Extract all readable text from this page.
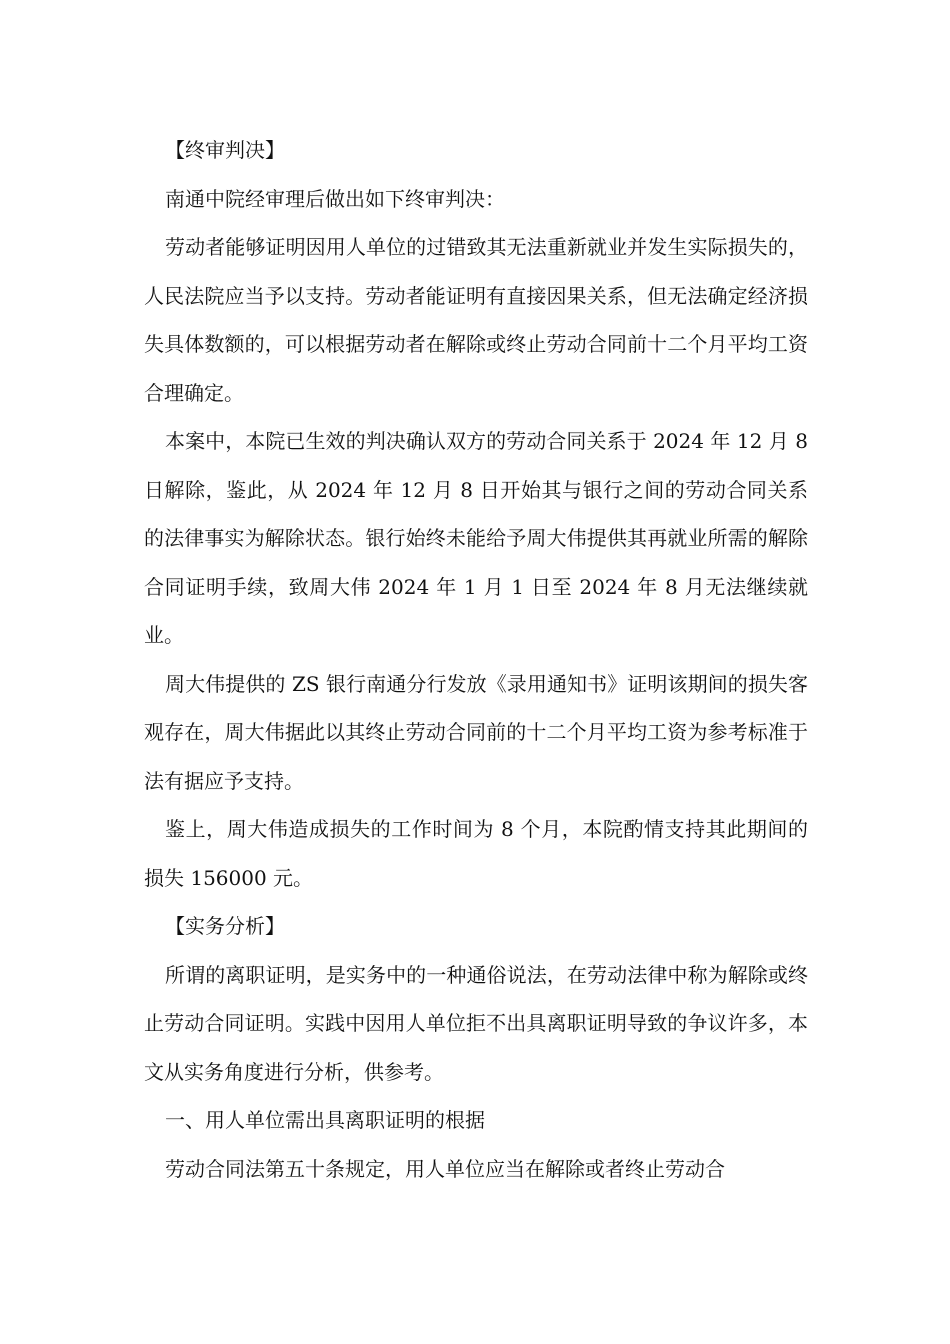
【终审判决】

南通中院经审理后做出如下终审判决：

劳动者能够证明因用人单位的过错致其无法重新就业并发生实际损失的，人民法院应当予以支持。劳动者能证明有直接因果关系，但无法确定经济损失具体数额的，可以根据劳动者在解除或终止劳动合同前十二个月平均工资合理确定。

本案中，本院已生效的判决确认双方的劳动合同关系于 2024 年 12 月 8 日解除，鉴此，从 2024 年 12 月 8 日开始其与银行之间的劳动合同关系的法律事实为解除状态。银行始终未能给予周大伟提供其再就业所需的解除合同证明手续，致周大伟 2024 年 1 月 1 日至 2024 年 8 月无法继续就业。

周大伟提供的 ZS 银行南通分行发放《录用通知书》证明该期间的损失客观存在，周大伟据此以其终止劳动合同前的十二个月平均工资为参考标准于法有据应予支持。

鉴上，周大伟造成损失的工作时间为 8 个月，本院酌情支持其此期间的损失 156000 元。

【实务分析】

所谓的离职证明，是实务中的一种通俗说法，在劳动法律中称为解除或终止劳动合同证明。实践中因用人单位拒不出具离职证明导致的争议许多，本文从实务角度进行分析，供参考。

一、用人单位需出具离职证明的根据

劳动合同法第五十条规定，用人单位应当在解除或者终止劳动合
